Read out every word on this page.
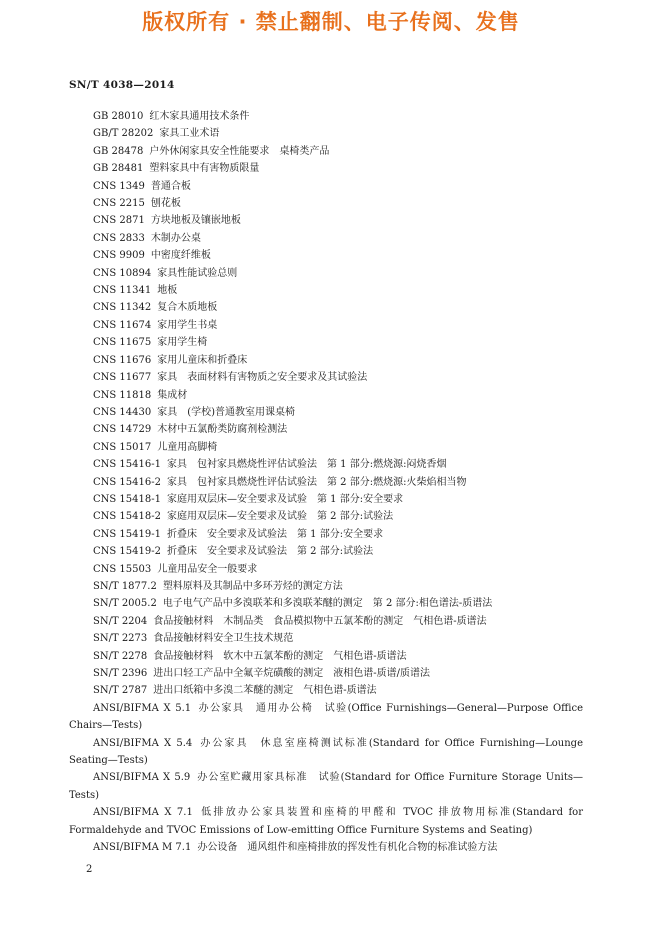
版权所有 · 禁止翻制、电子传阅、发售
SN/T 4038—2014
GB 28010 红木家具通用技术条件
GB/T 28202 家具工业术语
GB 28478 户外休闲家具安全性能要求　桌椅类产品
GB 28481 塑料家具中有害物质限量
CNS 1349 普通合板
CNS 2215 刨花板
CNS 2871 方块地板及镶嵌地板
CNS 2833 木制办公桌
CNS 9909 中密度纤维板
CNS 10894 家具性能试验总则
CNS 11341 地板
CNS 11342 复合木质地板
CNS 11674 家用学生书桌
CNS 11675 家用学生椅
CNS 11676 家用儿童床和折叠床
CNS 11677 家具　表面材料有害物质之安全要求及其试验法
CNS 11818 集成材
CNS 14430 家具　(学校)普通教室用课桌椅
CNS 14729 木材中五氯酚类防腐剂检测法
CNS 15017 儿童用高脚椅
CNS 15416-1 家具　包衬家具燃烧性评估试验法　第 1 部分:燃烧源:闷烧香烟
CNS 15416-2 家具　包衬家具燃烧性评估试验法　第 2 部分:燃烧源:火柴焰相当物
CNS 15418-1 家庭用双层床—安全要求及试验　第 1 部分:安全要求
CNS 15418-2 家庭用双层床—安全要求及试验　第 2 部分:试验法
CNS 15419-1 折叠床　安全要求及试验法　第 1 部分:安全要求
CNS 15419-2 折叠床　安全要求及试验法　第 2 部分:试验法
CNS 15503 儿童用品安全一般要求
SN/T 1877.2 塑料原料及其制品中多环芳烃的测定方法
SN/T 2005.2 电子电气产品中多溴联苯和多溴联苯醚的测定　第 2 部分:相色谱法-质谱法
SN/T 2204 食品接触材料　木制品类　食品模拟物中五氯苯酚的测定　气相色谱-质谱法
SN/T 2273 食品接触材料安全卫生技术规范
SN/T 2278 食品接触材料　软木中五氯苯酚的测定　气相色谱-质谱法
SN/T 2396 进出口轻工产品中全氟辛烷磺酸的测定　液相色谱-质谱/质谱法
SN/T 2787 进出口纸箱中多溴二苯醚的测定　气相色谱-质谱法
ANSI/BIFMA X 5.1 办公家具　通用办公椅　试验(Office Furnishings—General—Purpose Office Chairs—Tests)
ANSI/BIFMA X 5.4 办公家具　休息室座椅测试标准(Standard for Office Furnishing—Lounge Seating—Tests)
ANSI/BIFMA X 5.9 办公室贮藏用家具标准　试验(Standard for Office Furniture Storage Units—Tests)
ANSI/BIFMA X 7.1 低排放办公家具装置和座椅的甲醛和 TVOC 排放物用标准(Standard for Formaldehyde and TVOC Emissions of Low-emitting Office Furniture Systems and Seating)
ANSI/BIFMA M 7.1 办公设备　通风组件和座椅排放的挥发性有机化合物的标准试验方法
2
